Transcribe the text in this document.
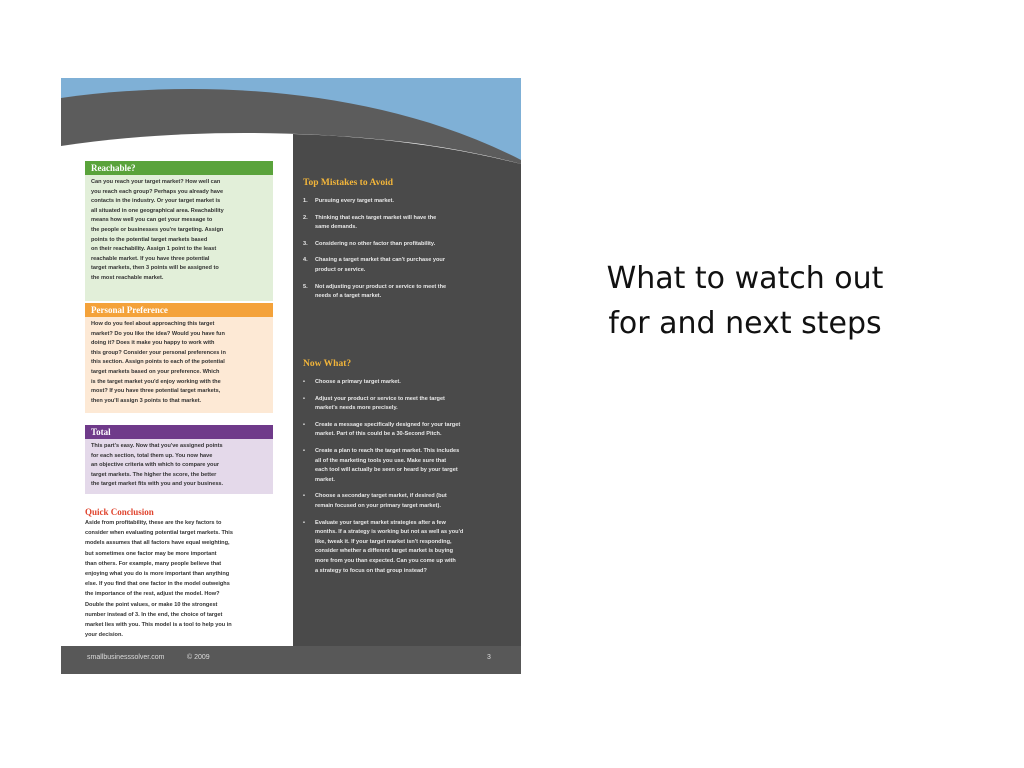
Top Mistakes to Avoid
1. Pursuing every target market.
2. Thinking that each target market will have the
same demands.
3. Considering no other factor than profitability.
4. Chasing a target market that can't purchase your
product or service.
5. Not adjusting your product or service to meet the
needs of a target market.
Now What?
• Choose a primary target market.
• Adjust your product or service to meet the target
market's needs more precisely.
• Create a message specifically designed for your target
market. Part of this could be a 30-Second Pitch.
• Create a plan to reach the target market. This includes
all of the marketing tools you use. Make sure that
each tool will actually be seen or heard by your target
market.
• Choose a secondary target market, if desired (but
remain focused on your primary target market).
• Evaluate your target market strategies after a few
months. If a strategy is working but not as well as you'd
like, tweak it. If your target market isn't responding,
consider whether a different target market is buying
more from you than expected. Can you come up with
a strategy to focus on that group instead?
Reachable?
Can you reach your target market? How well can
you reach each group? Perhaps you already have
contacts in the industry. Or your target market is
all situated in one geographical area. Reachability
means how well you can get your message to
the people or businesses you're targeting. Assign
points to the potential target markets based
on their reachability. Assign 1 point to the least
reachable market. If you have three potential
target markets, then 3 points will be assigned to
the most reachable market.
Personal Preference
How do you feel about approaching this target
market? Do you like the idea? Would you have fun
doing it? Does it make you happy to work with
this group? Consider your personal preferences in
this section. Assign points to each of the potential
target markets based on your preference. Which
is the target market you'd enjoy working with the
most? If you have three potential target markets,
then you'll assign 3 points to that market.
Total
This part's easy. Now that you've assigned points
for each section, total them up. You now have
an objective criteria with which to compare your
target markets. The higher the score, the better
the target market fits with you and your business.
Quick Conclusion
Aside from profitability, these are the key factors to
consider when evaluating potential target markets. This
models assumes that all factors have equal weighting,
but sometimes one factor may be more important
than others. For example, many people believe that
enjoying what you do is more important than anything
else. If you find that one factor in the model outweighs
the importance of the rest, adjust the model. How?
Double the point values, or make 10 the strongest
number instead of 3. In the end, the choice of target
market lies with you. This model is a tool to help you in
your decision.
smallbusinesssolver.com	© 2009	3
What to watch out
for and next steps
